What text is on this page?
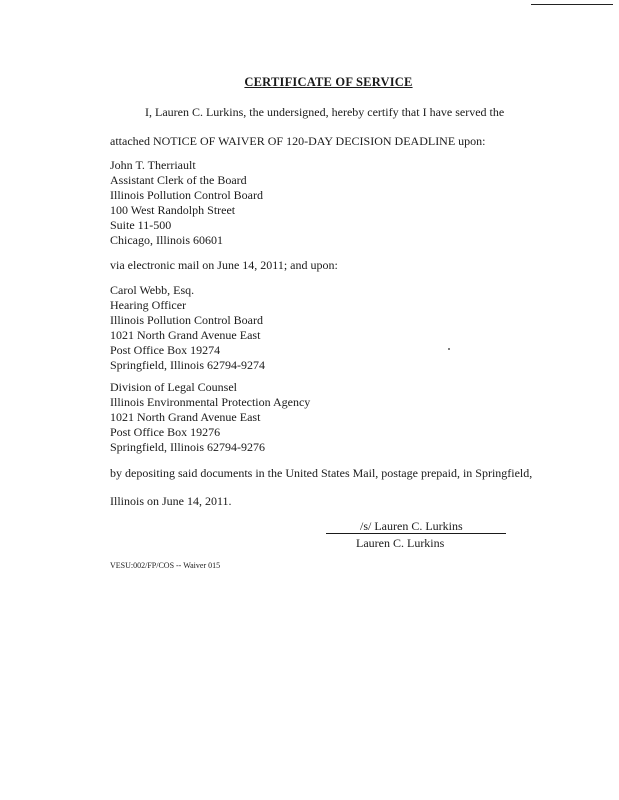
CERTIFICATE OF SERVICE
I, Lauren C. Lurkins, the undersigned, hereby certify that I have served the
attached NOTICE OF WAIVER OF 120-DAY DECISION DEADLINE upon:
John T. Therriault
Assistant Clerk of the Board
Illinois Pollution Control Board
100 West Randolph Street
Suite 11-500
Chicago, Illinois 60601
via electronic mail on June 14, 2011; and upon:
Carol Webb, Esq.
Hearing Officer
Illinois Pollution Control Board
1021 North Grand Avenue East
Post Office Box 19274
Springfield, Illinois 62794-9274
Division of Legal Counsel
Illinois Environmental Protection Agency
1021 North Grand Avenue East
Post Office Box 19276
Springfield, Illinois 62794-9276
by depositing said documents in the United States Mail, postage prepaid, in Springfield,
Illinois on June 14, 2011.
/s/ Lauren C. Lurkins
Lauren C. Lurkins
VESU:002/FP/COS -- Waiver 015
